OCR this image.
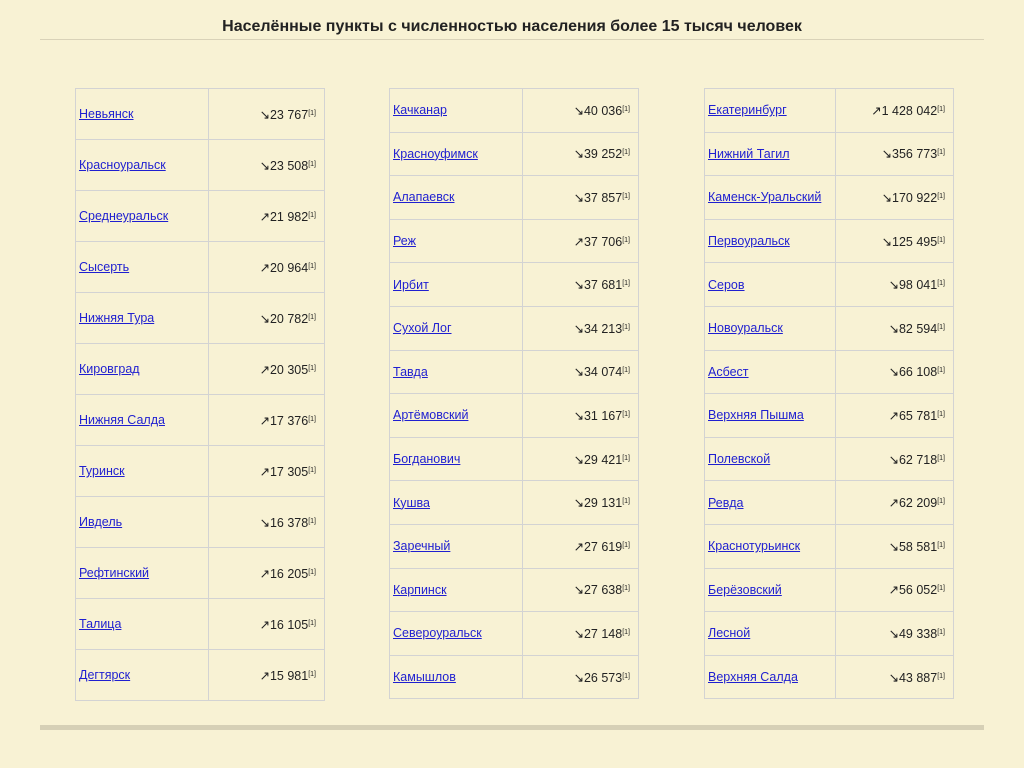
Населённые пункты с численностью населения более 15 тысяч человек
Невьянск	↘23 767[1]
Красноуральск	↘23 508[1]
Среднеуральск	↗21 982[1]
Сысерть	↗20 964[1]
Нижняя Тура	↘20 782[1]
Кировград	↗20 305[1]
Нижняя Салда	↗17 376[1]
Туринск	↗17 305[1]
Ивдель	↘16 378[1]
Рефтинский	↗16 205[1]
Талица	↗16 105[1]
Дегтярск	↗15 981[1]
Качканар	↘40 036[1]
Красноуфимск	↘39 252[1]
Алапаевск	↘37 857[1]
Реж	↗37 706[1]
Ирбит	↘37 681[1]
Сухой Лог	↘34 213[1]
Тавда	↘34 074[1]
Артёмовский	↘31 167[1]
Богданович	↘29 421[1]
Кушва	↘29 131[1]
Заречный	↗27 619[1]
Карпинск	↘27 638[1]
Североуральск	↘27 148[1]
Камышлов	↘26 573[1]
Екатеринбург	↗1 428 042[1]
Нижний Тагил	↘356 773[1]
Каменск-Уральский	↘170 922[1]
Первоуральск	↘125 495[1]
Серов	↘98 041[1]
Новоуральск	↘82 594[1]
Асбест	↘66 108[1]
Верхняя Пышма	↗65 781[1]
Полевской	↘62 718[1]
Ревда	↗62 209[1]
Краснотурьинск	↘58 581[1]
Берёзовский	↗56 052[1]
Лесной	↘49 338[1]
Верхняя Салда	↘43 887[1]
